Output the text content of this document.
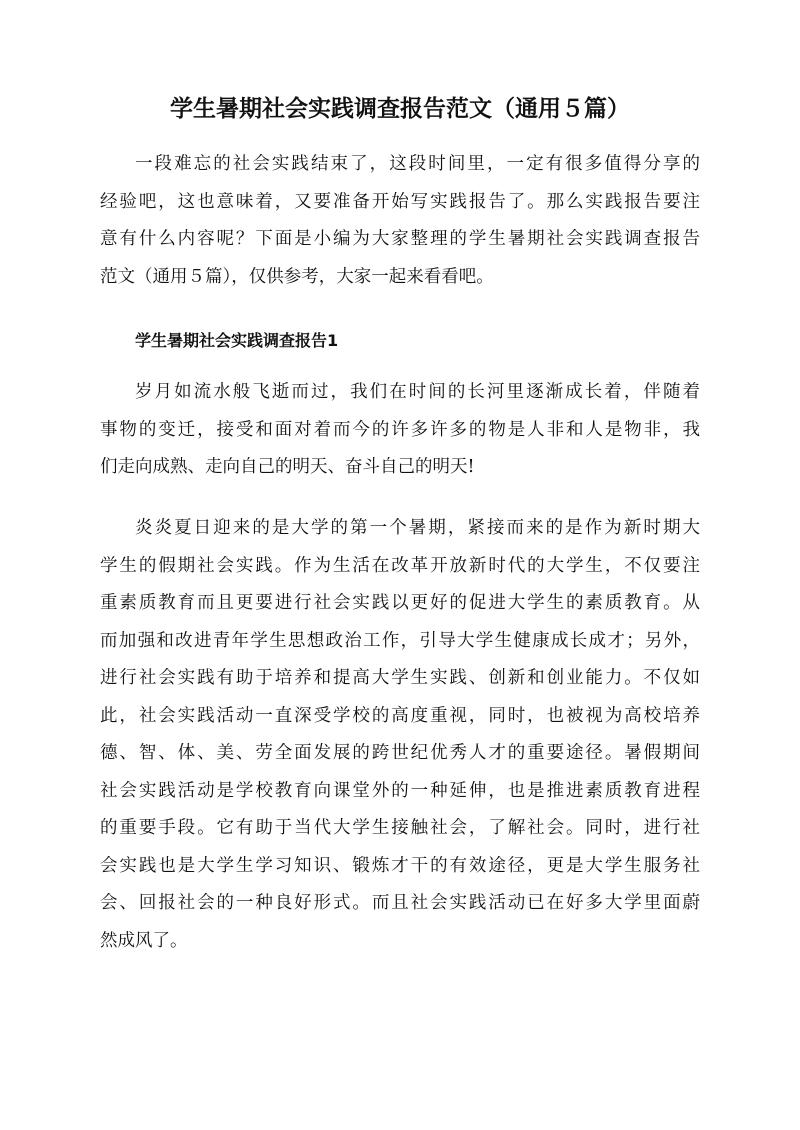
学生暑期社会实践调查报告范文（通用５篇）
一段难忘的社会实践结束了，这段时间里，一定有很多值得分享的
经验吧，这也意味着，又要准备开始写实践报告了。那么实践报告要注
意有什么内容呢？下面是小编为大家整理的学生暑期社会实践调查报告
范文（通用５篇），仅供参考，大家一起来看看吧。
学生暑期社会实践调查报告1
岁月如流水般飞逝而过，我们在时间的长河里逐渐成长着，伴随着
事物的变迁，接受和面对着而今的许多许多的物是人非和人是物非，我
们走向成熟、走向自己的明天、奋斗自己的明天!
炎炎夏日迎来的是大学的第一个暑期，紧接而来的是作为新时期大
学生的假期社会实践。作为生活在改革开放新时代的大学生，不仅要注
重素质教育而且更要进行社会实践以更好的促进大学生的素质教育。从
而加强和改进青年学生思想政治工作，引导大学生健康成长成才；另外，
进行社会实践有助于培养和提高大学生实践、创新和创业能力。不仅如
此，社会实践活动一直深受学校的高度重视，同时，也被视为高校培养
德、智、体、美、劳全面发展的跨世纪优秀人才的重要途径。暑假期间
社会实践活动是学校教育向课堂外的一种延伸，也是推进素质教育进程
的重要手段。它有助于当代大学生接触社会，了解社会。同时，进行社
会实践也是大学生学习知识、锻炼才干的有效途径，更是大学生服务社
会、回报社会的一种良好形式。而且社会实践活动已在好多大学里面蔚
然成风了。
